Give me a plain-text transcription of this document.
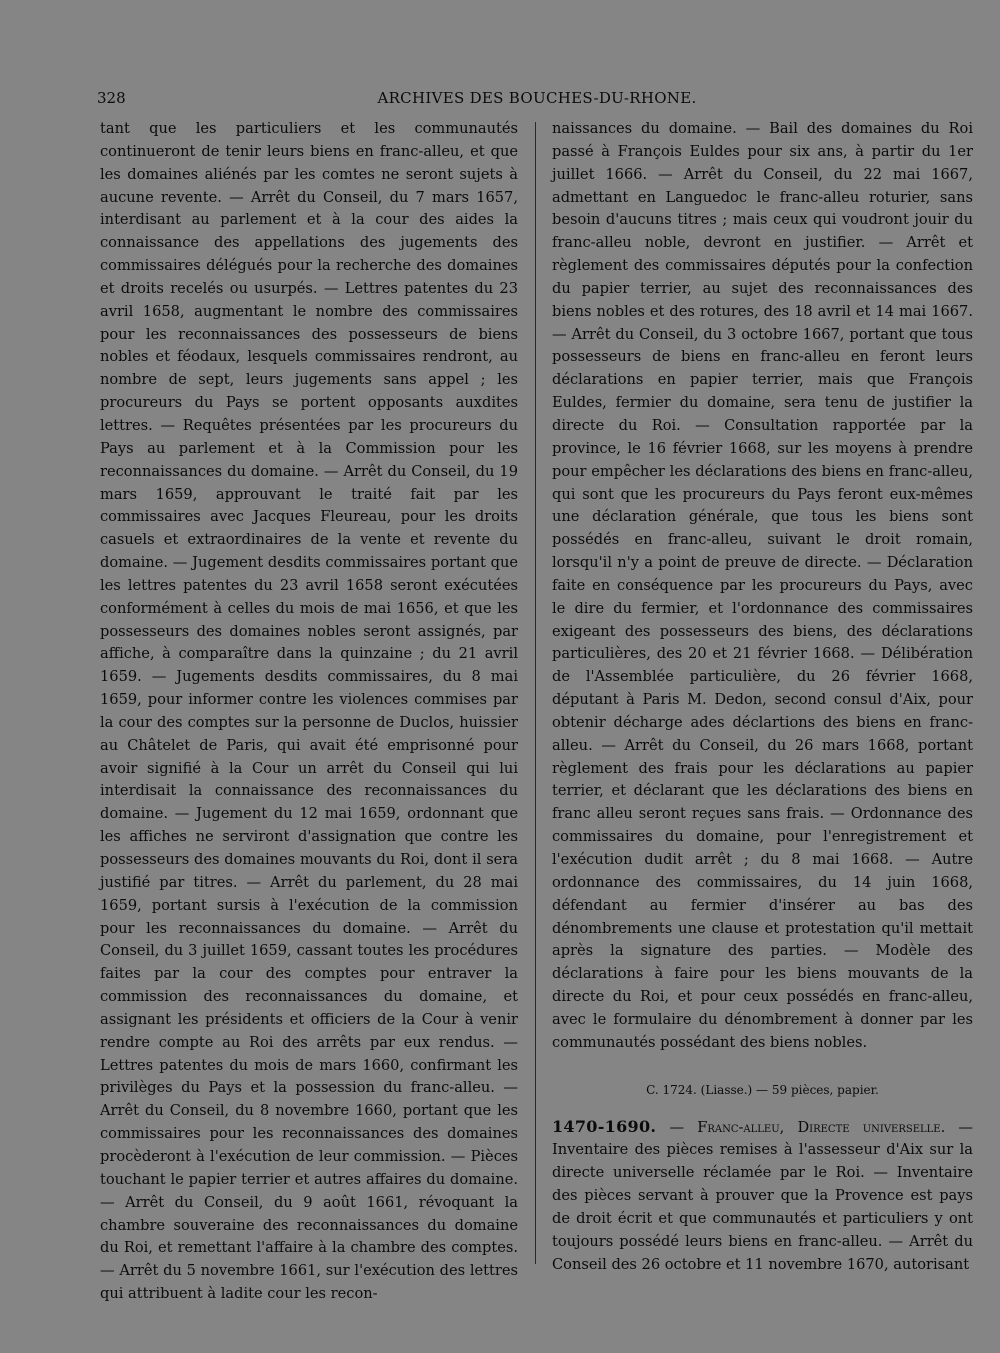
328	ARCHIVES DES BOUCHES-DU-RHONE.

tant que les particuliers et les communautés continueront de tenir leurs biens en franc-alleu, et que les domaines aliénés par les comtes ne seront sujets à aucune revente. — Arrêt du Conseil, du 7 mars 1657, interdisant au parlement et à la cour des aides la connaissance des appellations des jugements des commissaires délégués pour la recherche des domaines et droits recelés ou usurpés. — Lettres patentes du 23 avril 1658, augmentant le nombre des commissaires pour les reconnaissances des possesseurs de biens nobles et féodaux, lesquels commissaires rendront, au nombre de sept, leurs jugements sans appel ; les procureurs du Pays se portent opposants auxdites lettres. — Requêtes présentées par les procureurs du Pays au parlement et à la Commission pour les reconnaissances du domaine. — Arrêt du Conseil, du 19 mars 1659, approuvant le traité fait par les commissaires avec Jacques Fleureau, pour les droits casuels et extraordinaires de la vente et revente du domaine. — Jugement desdits commissaires portant que les lettres patentes du 23 avril 1658 seront exécutées conformément à celles du mois de mai 1656, et que les possesseurs des domaines nobles seront assignés, par affiche, à comparaître dans la quinzaine ; du 21 avril 1659. — Jugements desdits commissaires, du 8 mai 1659, pour informer contre les violences commises par la cour des comptes sur la personne de Duclos, huissier au Châtelet de Paris, qui avait été emprisonné pour avoir signifié à la Cour un arrêt du Conseil qui lui interdisait la connaissance des reconnaissances du domaine. — Jugement du 12 mai 1659, ordonnant que les affiches ne serviront d'assignation que contre les possesseurs des domaines mouvants du Roi, dont il sera justifié par titres. — Arrêt du parlement, du 28 mai 1659, portant sursis à l'exécution de la commission pour les reconnaissances du domaine. — Arrêt du Conseil, du 3 juillet 1659, cassant toutes les procédures faites par la cour des comptes pour entraver la commission des reconnaissances du domaine, et assignant les présidents et officiers de la Cour à venir rendre compte au Roi des arrêts par eux rendus. — Lettres patentes du mois de mars 1660, confirmant les privilèges du Pays et la possession du franc-alleu. — Arrêt du Conseil, du 8 novembre 1660, portant que les commissaires pour les reconnaissances des domaines procèderont à l'exécution de leur commission. — Pièces touchant le papier terrier et autres affaires du domaine. — Arrêt du Conseil, du 9 août 1661, révoquant la chambre souveraine des reconnaissances du domaine du Roi, et remettant l'affaire à la chambre des comptes. — Arrêt du 5 novembre 1661, sur l'exécution des lettres qui attribuent à ladite cour les recon-

naissances du domaine. — Bail des domaines du Roi passé à François Euldes pour six ans, à partir du 1er juillet 1666. — Arrêt du Conseil, du 22 mai 1667, admettant en Languedoc le franc-alleu roturier, sans besoin d'aucuns titres ; mais ceux qui voudront jouir du franc-alleu noble, devront en justifier. — Arrêt et règlement des commissaires députés pour la confection du papier terrier, au sujet des reconnaissances des biens nobles et des rotures, des 18 avril et 14 mai 1667. — Arrêt du Conseil, du 3 octobre 1667, portant que tous possesseurs de biens en franc-alleu en feront leurs déclarations en papier terrier, mais que François Euldes, fermier du domaine, sera tenu de justifier la directe du Roi. — Consultation rapportée par la province, le 16 février 1668, sur les moyens à prendre pour empêcher les déclarations des biens en franc-alleu, qui sont que les procureurs du Pays feront eux-mêmes une déclaration générale, que tous les biens sont possédés en franc-alleu, suivant le droit romain, lorsqu'il n'y a point de preuve de directe. — Déclaration faite en conséquence par les procureurs du Pays, avec le dire du fermier, et l'ordonnance des commissaires exigeant des possesseurs des biens, des déclarations particulières, des 20 et 21 février 1668. — Délibération de l'Assemblée particulière, du 26 février 1668, députant à Paris M. Dedon, second consul d'Aix, pour obtenir décharge ades déclartions des biens en franc-alleu. — Arrêt du Conseil, du 26 mars 1668, portant règlement des frais pour les déclarations au papier terrier, et déclarant que les déclarations des biens en franc alleu seront reçues sans frais. — Ordonnance des commissaires du domaine, pour l'enregistrement et l'exécution dudit arrêt ; du 8 mai 1668. — Autre ordonnance des commissaires, du 14 juin 1668, défendant au fermier d'insérer au bas des dénombrements une clause et protestation qu'il mettait après la signature des parties. — Modèle des déclarations à faire pour les biens mouvants de la directe du Roi, et pour ceux possédés en franc-alleu, avec le formulaire du dénombrement à donner par les communautés possédant des biens nobles.

C. 1724. (Liasse.) — 59 pièces, papier.

1470-1690. — Franc-alleu, Directe universelle. — Inventaire des pièces remises à l'assesseur d'Aix sur la directe universelle réclamée par le Roi. — Inventaire des pièces servant à prouver que la Provence est pays de droit écrit et que communautés et particuliers y ont toujours possédé leurs biens en franc-alleu. — Arrêt du Conseil des 26 octobre et 11 novembre 1670, autorisant
